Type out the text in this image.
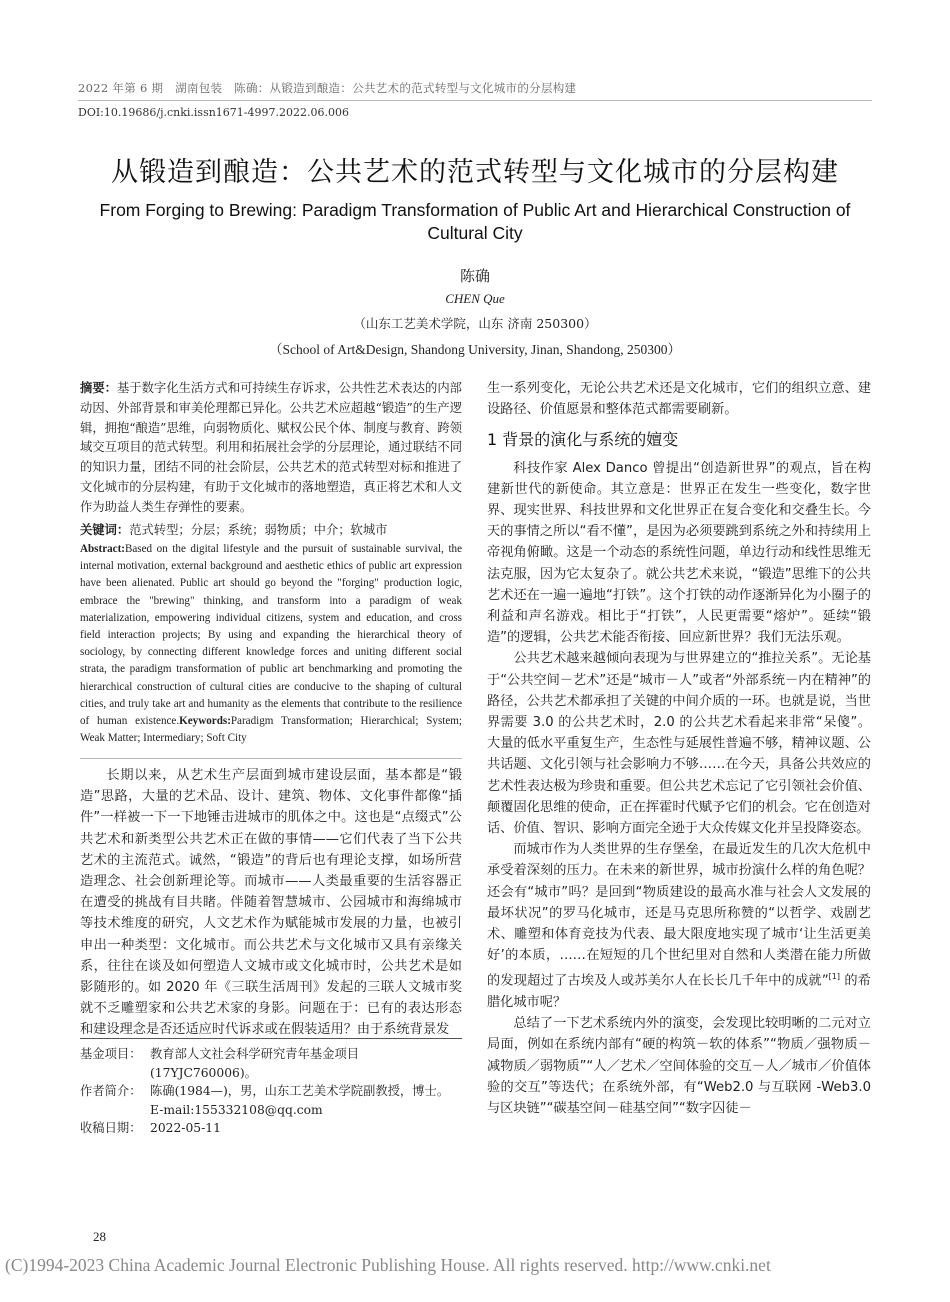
2022 年第 6 期　湖南包装　陈确：从锻造到酿造：公共艺术的范式转型与文化城市的分层构建
DOI:10.19686/j.cnki.issn1671-4997.2022.06.006
从锻造到酿造：公共艺术的范式转型与文化城市的分层构建
From Forging to Brewing: Paradigm Transformation of Public Art and Hierarchical Construction of Cultural City
陈确
CHEN Que
（山东工艺美术学院，山东 济南 250300）
（School of Art&Design, Shandong University, Jinan, Shandong, 250300）
摘要：基于数字化生活方式和可持续生存诉求，公共性艺术表达的内部动因、外部背景和审美伦理都已异化。公共艺术应超越“锻造”的生产逻辑，拥抱“酿造”思维，向弱物质化、赋权公民个体、制度与教育、跨领域交互项目的范式转型。利用和拓展社会学的分层理论，通过联结不同的知识力量，团结不同的社会阶层，公共艺术的范式转型对标和推进了文化城市的分层构建，有助于文化城市的落地塑造，真正将艺术和人文作为助益人类生存弹性的要素。
关键词：范式转型；分层；系统；弱物质；中介；软城市
Abstract:Based on the digital lifestyle and the pursuit of sustainable survival, the internal motivation, external background and aesthetic ethics of public art expression have been alienated. Public art should go beyond the "forging" production logic, embrace the "brewing" thinking, and transform into a paradigm of weak materialization, empowering individual citizens, system and education, and cross field interaction projects; By using and expanding the hierarchical theory of sociology, by connecting different knowledge forces and uniting different social strata, the paradigm transformation of public art benchmarking and promoting the hierarchical construction of cultural cities are conducive to the shaping of cultural cities, and truly take art and humanity as the elements that contribute to the resilience of human existence.Keywords:Paradigm Transformation; Hierarchical; System; Weak Matter; Intermediary; Soft City

长期以来，从艺术生产层面到城市建设层面，基本都是“锻造”思路，大量的艺术品、设计、建筑、物体、文化事件都像“插件”一样被一下一下地锤击进城市的肌体之中。这也是“点缀式”公共艺术和新类型公共艺术正在做的事情——它们代表了当下公共艺术的主流范式。诚然，“锻造”的背后也有理论支撑，如场所营造理念、社会创新理论等。而城市——人类最重要的生活容器正在遭受的挑战有目共睹。伴随着智慧城市、公园城市和海绵城市等技术维度的研究，人文艺术作为赋能城市发展的力量，也被引申出一种类型：文化城市。而公共艺术与文化城市又具有亲缘关系，往往在谈及如何塑造人文城市或文化城市时，公共艺术是如影随形的。如 2020 年《三联生活周刊》发起的三联人文城市奖就不乏雕塑家和公共艺术家的身影。问题在于：已有的表达形态和建设理念是否还适应时代诉求或在假装适用？由于系统背景发

基金项目：	教育部人文社会科学研究青年基金项目(17YJC760006)。
作者简介：	陈确(1984—)，男，山东工艺美术学院副教授，博士。
E-mail:155332108@qq.com

收稿日期：	2022-05-11

生一系列变化，无论公共艺术还是文化城市，它们的组织立意、建设路径、价值愿景和整体范式都需要刷新。

1 背景的演化与系统的嬗变

科技作家 Alex Danco 曾提出“创造新世界”的观点，旨在构建新世代的新使命。其立意是：世界正在发生一些变化，数字世界、现实世界、科技世界和文化世界正在复合变化和交叠生长。今天的事情之所以“看不懂”，是因为必须要跳到系统之外和持续用上帝视角俯瞰。这是一个动态的系统性问题，单边行动和线性思维无法克服，因为它太复杂了。就公共艺术来说，“锻造”思维下的公共艺术还在一遍一遍地“打铁”。这个打铁的动作逐渐异化为小圈子的利益和声名游戏。相比于“打铁”，人民更需要“熔炉”。延续“锻造”的逻辑，公共艺术能否衔接、回应新世界？我们无法乐观。

公共艺术越来越倾向表现为与世界建立的“推拉关系”。无论基于“公共空间－艺术”还是“城市－人”或者“外部系统－内在精神”的路径，公共艺术都承担了关键的中间介质的一环。也就是说，当世界需要 3.0 的公共艺术时，2.0 的公共艺术看起来非常“呆傻”。大量的低水平重复生产，生态性与延展性普遍不够，精神议题、公共话题、文化引领与社会影响力不够……在今天，具备公共效应的艺术性表达极为珍贵和重要。但公共艺术忘记了它引领社会价值、颠覆固化思维的使命，正在挥霍时代赋予它们的机会。它在创造对话、价值、智识、影响方面完全逊于大众传媒文化并呈投降姿态。

而城市作为人类世界的生存堡垒，在最近发生的几次大危机中承受着深刻的压力。在未来的新世界，城市扮演什么样的角色呢？还会有“城市”吗？是回到“物质建设的最高水准与社会人文发展的最坏状况”的罗马化城市，还是马克思所称赞的“以哲学、戏剧艺术、雕塑和体育竞技为代表、最大限度地实现了城市‘让生活更美好’的本质，……在短短的几个世纪里对自然和人类潜在能力所做的发现超过了古埃及人或苏美尔人在长长几千年中的成就”[1] 的希腊化城市呢？

总结了一下艺术系统内外的演变，会发现比较明晰的二元对立局面，例如在系统内部有“硬的构筑－软的体系”“物质／强物质－减物质／弱物质”“人／艺术／空间体验的交互－人／城市／价值体验的交互”等迭代；在系统外部，有“Web2.0 与互联网 -Web3.0 与区块链”“碳基空间－硅基空间”“数字囚徒－

28
(C)1994-2023 China Academic Journal Electronic Publishing House. All rights reserved. http://www.cnki.net
